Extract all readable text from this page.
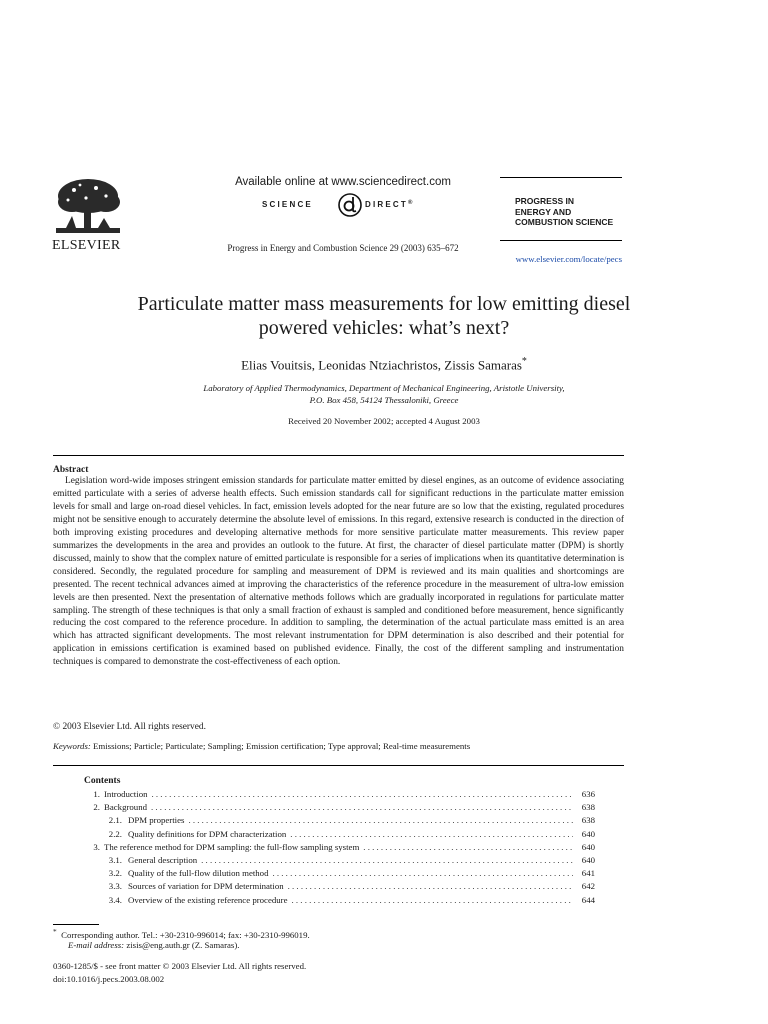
ELSEVIER
Available online at www.sciencedirect.com
SCIENCE	DIRECT®
Progress in Energy and Combustion Science 29 (2003) 635–672
PROGRESS IN
ENERGY AND
COMBUSTION SCIENCE
www.elsevier.com/locate/pecs
Particulate matter mass measurements for low emitting diesel
powered vehicles: what’s next?
Elias Vouitsis, Leonidas Ntziachristos, Zissis Samaras*
Laboratory of Applied Thermodynamics, Department of Mechanical Engineering, Aristotle University,
P.O. Box 458, 54124 Thessaloniki, Greece
Received 20 November 2002; accepted 4 August 2003
Abstract
Legislation word-wide imposes stringent emission standards for particulate matter emitted by diesel engines, as an outcome of evidence associating emitted particulate with a series of adverse health effects. Such emission standards call for significant reductions in the particulate matter emission levels for small and large on-road diesel vehicles. In fact, emission levels adopted for the near future are so low that the existing, regulated procedures might not be sensitive enough to accurately determine the absolute level of emissions. In this regard, extensive research is conducted in the direction of both improving existing procedures and developing alternative methods for more sensitive particulate matter measurements. This review paper summarizes the developments in the area and provides an outlook to the future. At first, the character of diesel particulate matter (DPM) is shortly discussed, mainly to show that the complex nature of emitted particulate is responsible for a series of implications when its quantitative determination is considered. Secondly, the regulated procedure for sampling and measurement of DPM is reviewed and its main qualities and shortcomings are presented. The recent technical advances aimed at improving the characteristics of the reference procedure in the measurement of ultra-low emission levels are then presented. Next the presentation of alternative methods follows which are gradually incorporated in regulations for particulate matter sampling. The strength of these techniques is that only a small fraction of exhaust is sampled and conditioned before measurement, hence significantly reducing the cost compared to the reference procedure. In addition to sampling, the determination of the actual particulate mass emitted is an area which has attracted significant developments. The most relevant instrumentation for DPM determination is also described and their potential for application in emissions certification is examined based on published evidence. Finally, the cost of the different sampling and instrumentation techniques is compared to demonstrate the cost-effectiveness of each option.
© 2003 Elsevier Ltd. All rights reserved.
Keywords: Emissions; Particle; Particulate; Sampling; Emission certification; Type approval; Real-time measurements
Contents
1. Introduction . . .	636
2. Background . . .	638
2.1. DPM properties . . .	638
2.2. Quality definitions for DPM characterization . . .	640
3. The reference method for DPM sampling: the full-flow sampling system . . .	640
3.1. General description . . .	640
3.2. Quality of the full-flow dilution method . . .	641
3.3. Sources of variation for DPM determination . . .	642
3.4. Overview of the existing reference procedure . . .	644
* Corresponding author. Tel.: +30-2310-996014; fax: +30-2310-996019.
E-mail address: zisis@eng.auth.gr (Z. Samaras).
0360-1285/$ - see front matter © 2003 Elsevier Ltd. All rights reserved.
doi:10.1016/j.pecs.2003.08.002
